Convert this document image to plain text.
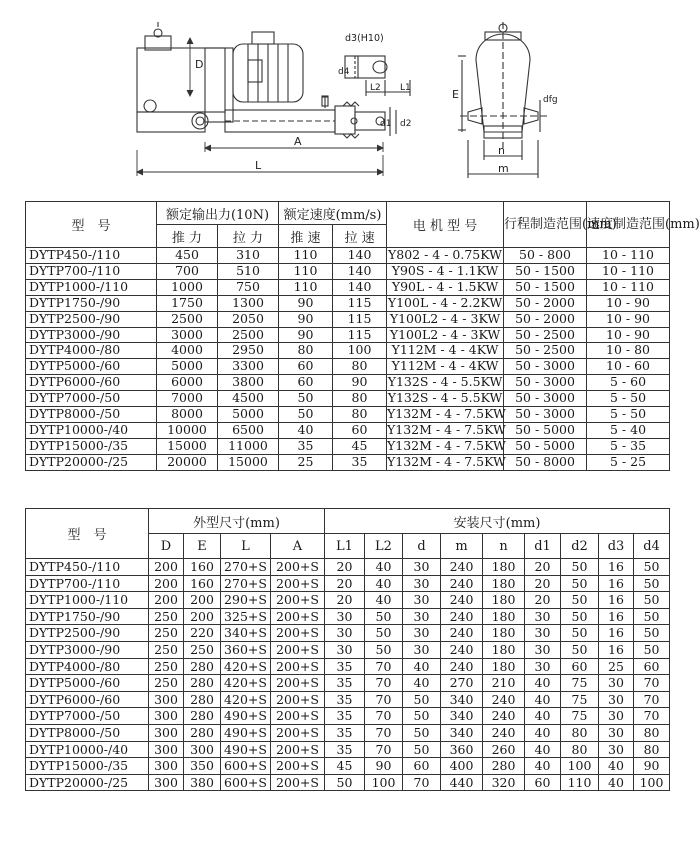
D
A
L
d3(H10)
d4
L2 L1
d1 d2
E	dfg
n
m
型　号	额定输出力(10N)		额定速度(mm/s)		电 机 型 号	行程制造范围(mm)	速度制造范围(mm)
	推 力	拉 力	推 速	拉 速			
DYTP450-/110	450	310	110	140	Y802 - 4 - 0.75KW	50 - 800	10 - 110
DYTP700-/110	700	510	110	140	Y90S - 4 - 1.1KW	50 - 1500	10 - 110
DYTP1000-/110	1000	750	110	140	Y90L - 4 - 1.5KW	50 - 1500	10 - 110
DYTP1750-/90	1750	1300	90	115	Y100L - 4 - 2.2KW	50 - 2000	10 - 90
DYTP2500-/90	2500	2050	90	115	Y100L2 - 4 - 3KW	50 - 2000	10 - 90
DYTP3000-/90	3000	2500	90	115	Y100L2 - 4 - 3KW	50 - 2500	10 - 90
DYTP4000-/80	4000	2950	80	100	Y112M - 4 - 4KW	50 - 2500	10 - 80
DYTP5000-/60	5000	3300	60	80	Y112M - 4 - 4KW	50 - 3000	10 - 60
DYTP6000-/60	6000	3800	60	90	Y132S - 4 - 5.5KW	50 - 3000	5 - 60
DYTP7000-/50	7000	4500	50	80	Y132S - 4 - 5.5KW	50 - 3000	5 - 50
DYTP8000-/50	8000	5000	50	80	Y132M - 4 - 7.5KW	50 - 3000	5 - 50
DYTP10000-/40	10000	6500	40	60	Y132M - 4 - 7.5KW	50 - 5000	5 - 40
DYTP15000-/35	15000	11000	35	45	Y132M - 4 - 7.5KW	50 - 5000	5 - 35
DYTP20000-/25	20000	15000	25	35	Y132M - 4 - 7.5KW	50 - 8000	5 - 25
型　号	外型尺寸(mm)				安装尺寸(mm)								
	D	E	L	A	L1	L2	d	m	n	d1	d2	d3	d4
DYTP450-/110	200	160	270+S	200+S	20	40	30	240	180	20	50	16	50
DYTP700-/110	200	160	270+S	200+S	20	40	30	240	180	20	50	16	50
DYTP1000-/110	200	200	290+S	200+S	20	40	30	240	180	20	50	16	50
DYTP1750-/90	250	200	325+S	200+S	30	50	30	240	180	30	50	16	50
DYTP2500-/90	250	220	340+S	200+S	30	50	30	240	180	30	50	16	50
DYTP3000-/90	250	250	360+S	200+S	30	50	30	240	180	30	50	16	50
DYTP4000-/80	250	280	420+S	200+S	35	70	40	240	180	30	60	25	60
DYTP5000-/60	250	280	420+S	200+S	35	70	40	270	210	40	75	30	70
DYTP6000-/60	300	280	420+S	200+S	35	70	50	340	240	40	75	30	70
DYTP7000-/50	300	280	490+S	200+S	35	70	50	340	240	40	75	30	70
DYTP8000-/50	300	280	490+S	200+S	35	70	50	340	240	40	80	30	80
DYTP10000-/40	300	300	490+S	200+S	35	70	50	360	260	40	80	30	80
DYTP15000-/35	300	350	600+S	200+S	45	90	60	400	280	40	100	40	90
DYTP20000-/25	300	380	600+S	200+S	50	100	70	440	320	60	110	40	100
